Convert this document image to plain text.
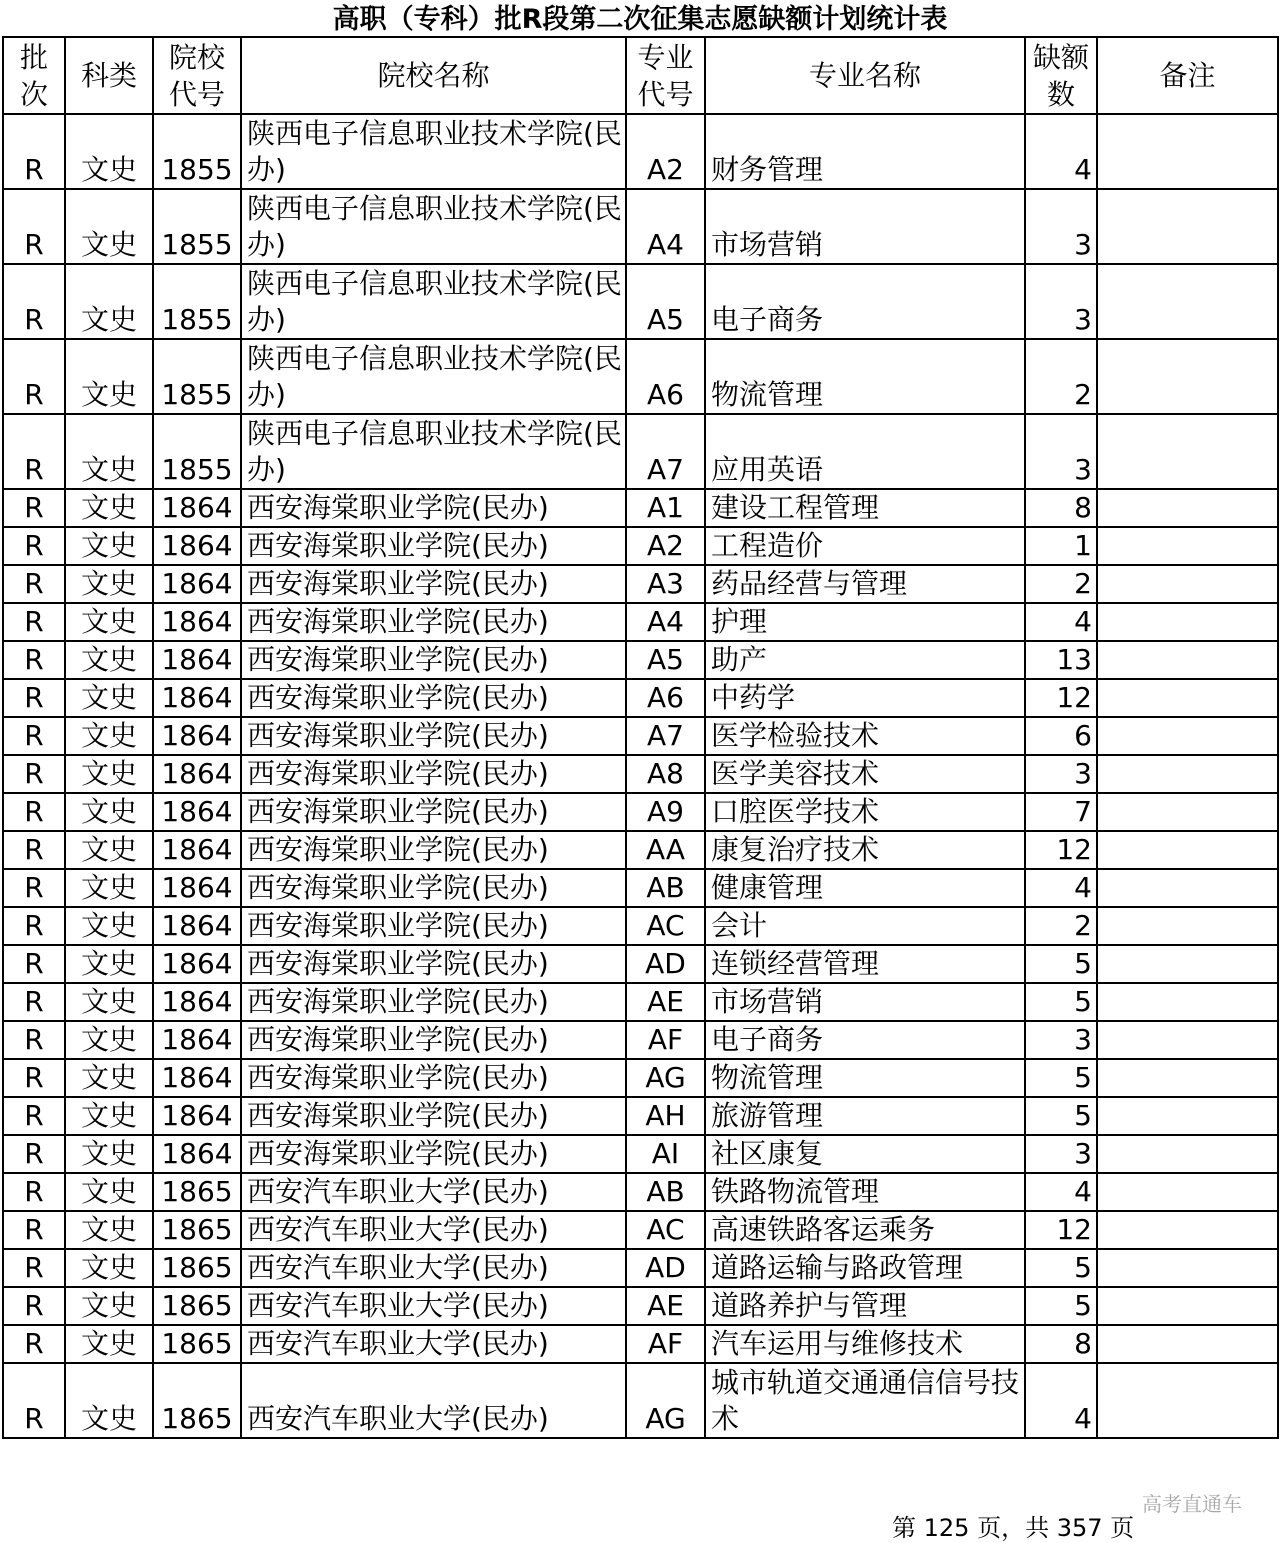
高职（专科）批R段第二次征集志愿缺额计划统计表
批次	科类	院校代号	院校名称	专业代号	专业名称	缺额数	备注
R	文史	1855	陕西电子信息职业技术学院(民办)	A2	财务管理	4	
R	文史	1855	陕西电子信息职业技术学院(民办)	A4	市场营销	3	
R	文史	1855	陕西电子信息职业技术学院(民办)	A5	电子商务	3	
R	文史	1855	陕西电子信息职业技术学院(民办)	A6	物流管理	2	
R	文史	1855	陕西电子信息职业技术学院(民办)	A7	应用英语	3	
R	文史	1864	西安海棠职业学院(民办)	A1	建设工程管理	8	
R	文史	1864	西安海棠职业学院(民办)	A2	工程造价	1	
R	文史	1864	西安海棠职业学院(民办)	A3	药品经营与管理	2	
R	文史	1864	西安海棠职业学院(民办)	A4	护理	4	
R	文史	1864	西安海棠职业学院(民办)	A5	助产	13	
R	文史	1864	西安海棠职业学院(民办)	A6	中药学	12	
R	文史	1864	西安海棠职业学院(民办)	A7	医学检验技术	6	
R	文史	1864	西安海棠职业学院(民办)	A8	医学美容技术	3	
R	文史	1864	西安海棠职业学院(民办)	A9	口腔医学技术	7	
R	文史	1864	西安海棠职业学院(民办)	AA	康复治疗技术	12	
R	文史	1864	西安海棠职业学院(民办)	AB	健康管理	4	
R	文史	1864	西安海棠职业学院(民办)	AC	会计	2	
R	文史	1864	西安海棠职业学院(民办)	AD	连锁经营管理	5	
R	文史	1864	西安海棠职业学院(民办)	AE	市场营销	5	
R	文史	1864	西安海棠职业学院(民办)	AF	电子商务	3	
R	文史	1864	西安海棠职业学院(民办)	AG	物流管理	5	
R	文史	1864	西安海棠职业学院(民办)	AH	旅游管理	5	
R	文史	1864	西安海棠职业学院(民办)	AI	社区康复	3	
R	文史	1865	西安汽车职业大学(民办)	AB	铁路物流管理	4	
R	文史	1865	西安汽车职业大学(民办)	AC	高速铁路客运乘务	12	
R	文史	1865	西安汽车职业大学(民办)	AD	道路运输与路政管理	5	
R	文史	1865	西安汽车职业大学(民办)	AE	道路养护与管理	5	
R	文史	1865	西安汽车职业大学(民办)	AF	汽车运用与维修技术	8	
R	文史	1865	西安汽车职业大学(民办)	AG	城市轨道交通通信信号技术	4	
高考直通车
第 125 页，共 357 页
